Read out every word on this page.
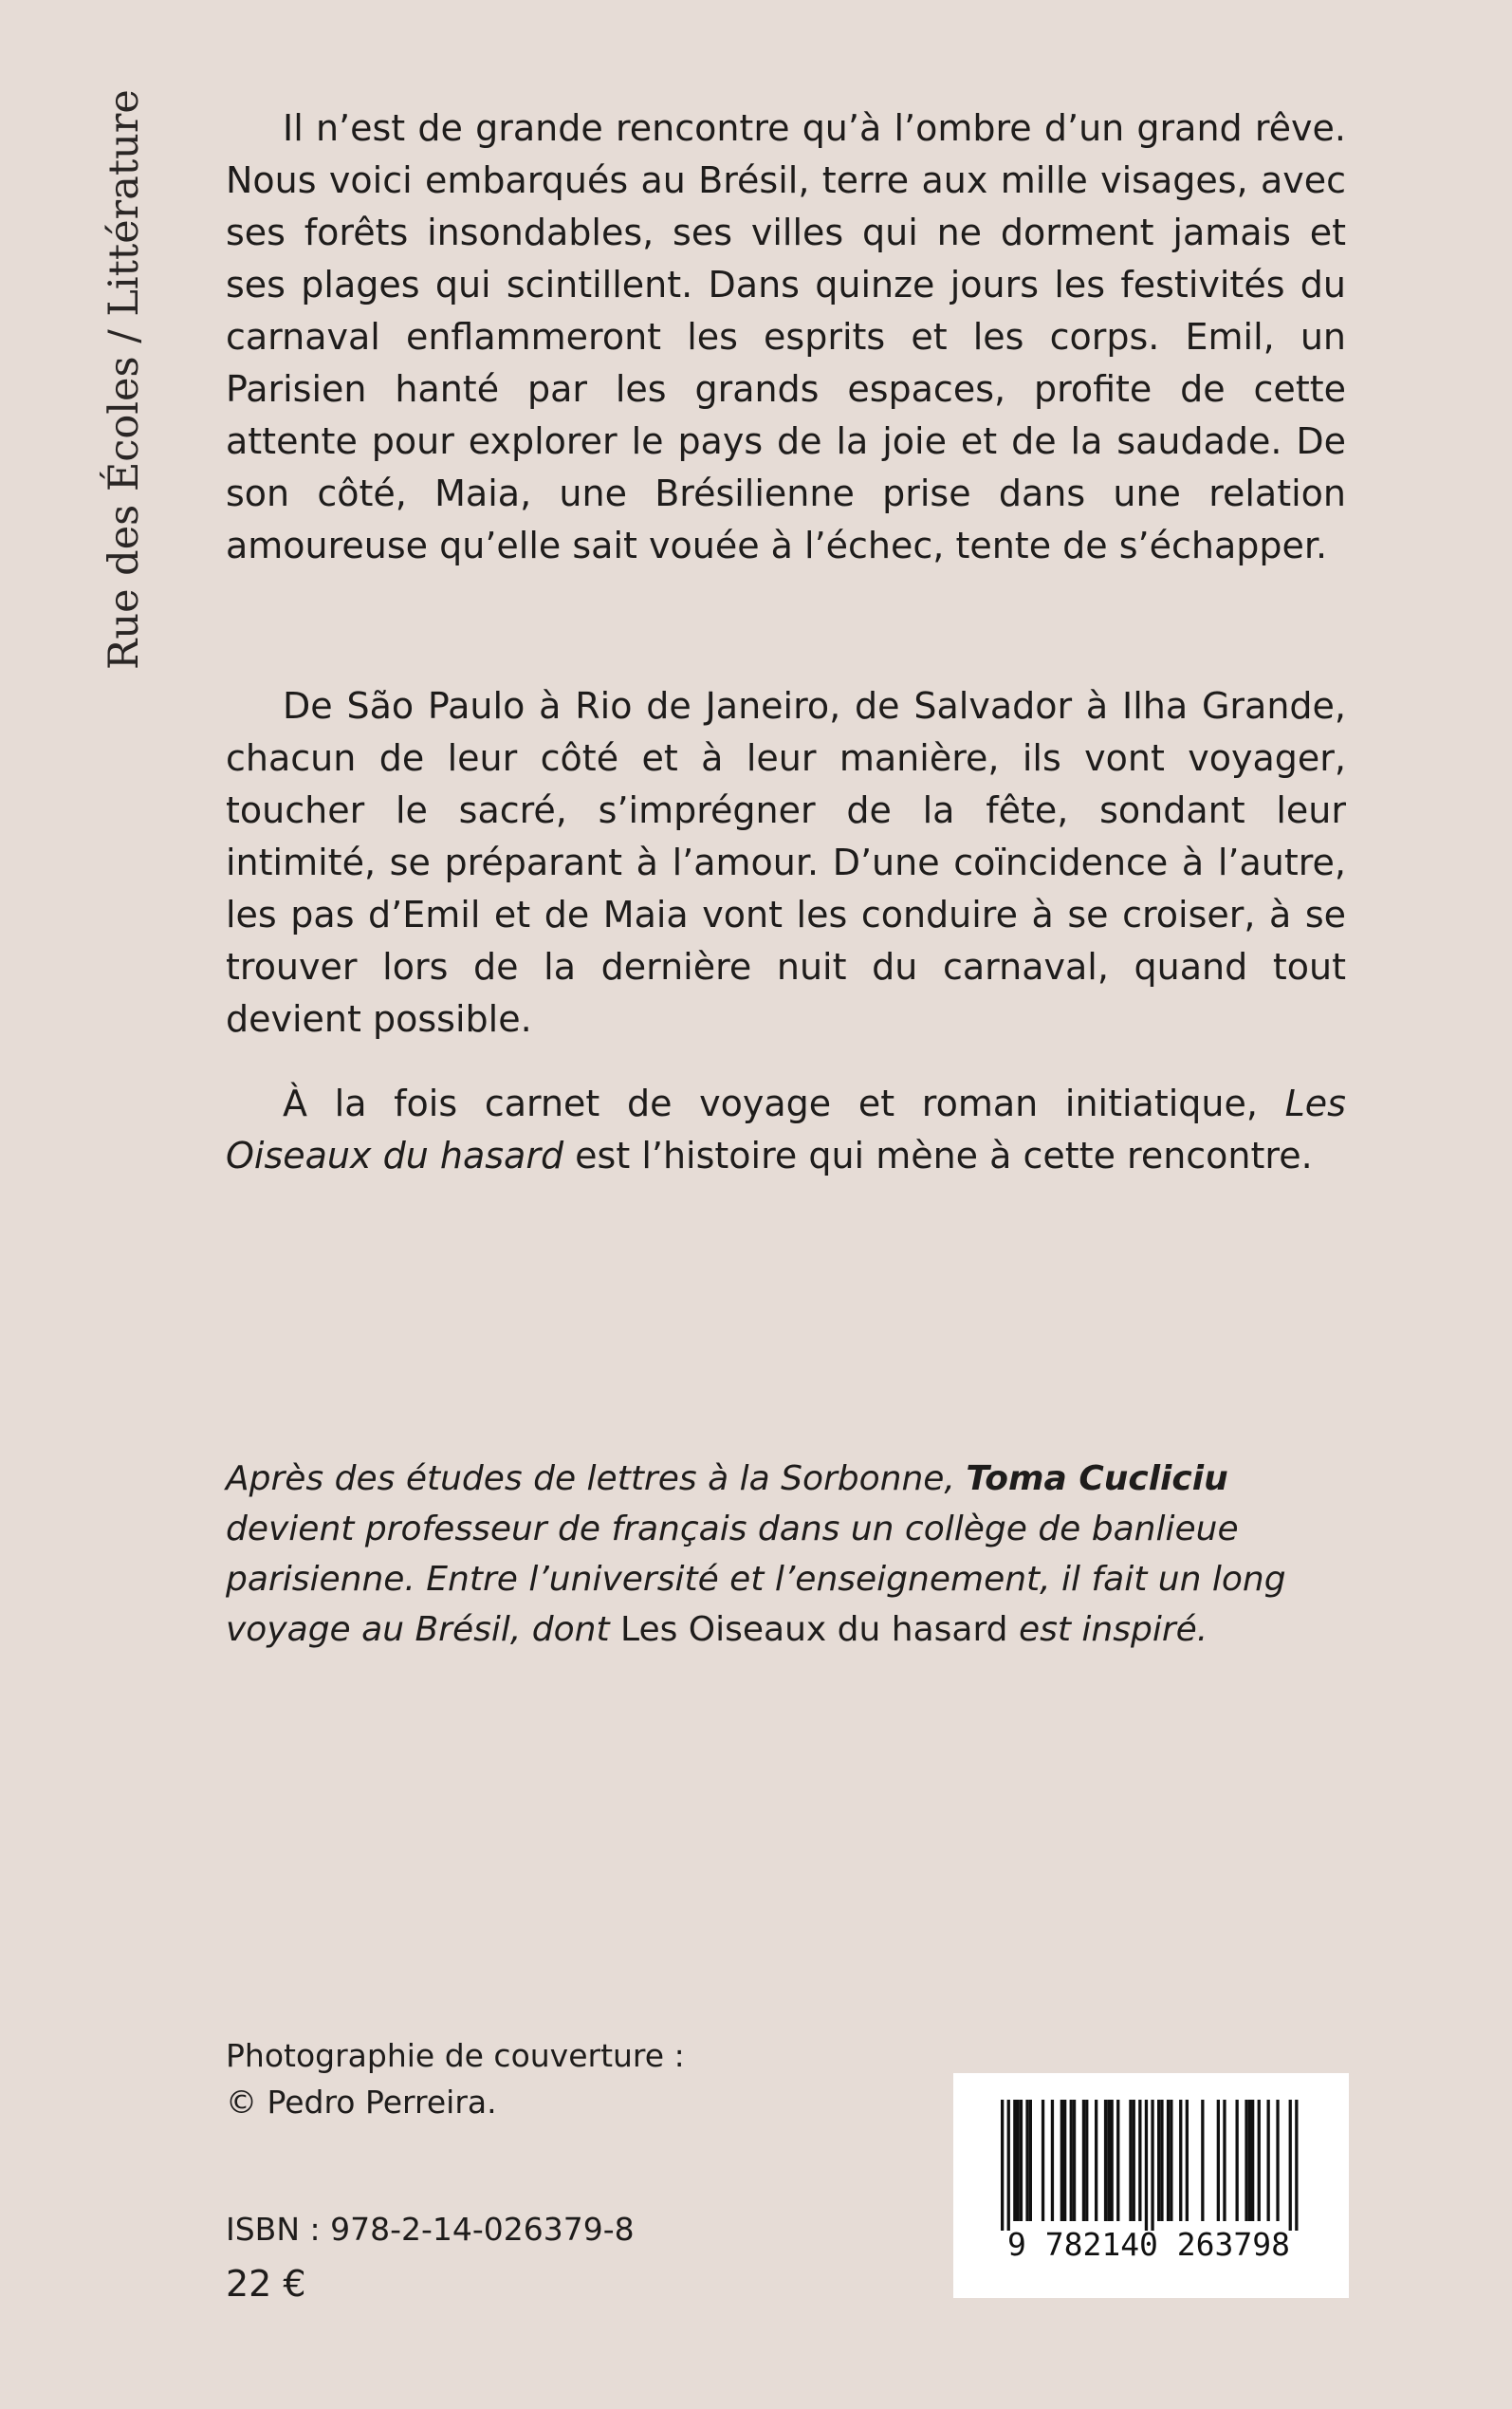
Rue des Écoles / Littérature	Il n’est de grande rencontre qu’à l’ombre d’un grand rêve. Nous voici embarqués au Brésil, terre aux mille visages, avec ses forêts insondables, ses villes qui ne dorment jamais et ses plages qui scintillent. Dans quinze jours les festivités du carnaval enflammeront les esprits et les corps. Emil, un Parisien hanté par les grands espaces, profite de cette attente pour explorer le pays de la joie et de la saudade. De son côté, Maia, une Brésilienne prise dans une relation amoureuse qu’elle sait vouée à l’échec, tente de s’échapper.

De São Paulo à Rio de Janeiro, de Salvador à Ilha Grande, chacun de leur côté et à leur manière, ils vont voyager, toucher le sacré, s’imprégner de la fête, sondant leur intimité, se préparant à l’amour. D’une coïncidence à l’autre, les pas d’Emil et de Maia vont les conduire à se croiser, à se trouver lors de la dernière nuit du carnaval, quand tout devient possible.

À la fois carnet de voyage et roman initiatique, Les Oiseaux du hasard est l’histoire qui mène à cette rencontre.

Après des études de lettres à la Sorbonne, Toma Cucliciu devient professeur de français dans un collège de banlieue parisienne. Entre l’université et l’enseignement, il fait un long voyage au Brésil, dont Les Oiseaux du hasard est inspiré.

Photographie de couverture :
© Pedro Perreira.
ISBN : 978-2-14-026379-8
22 €
9 782140 263798
